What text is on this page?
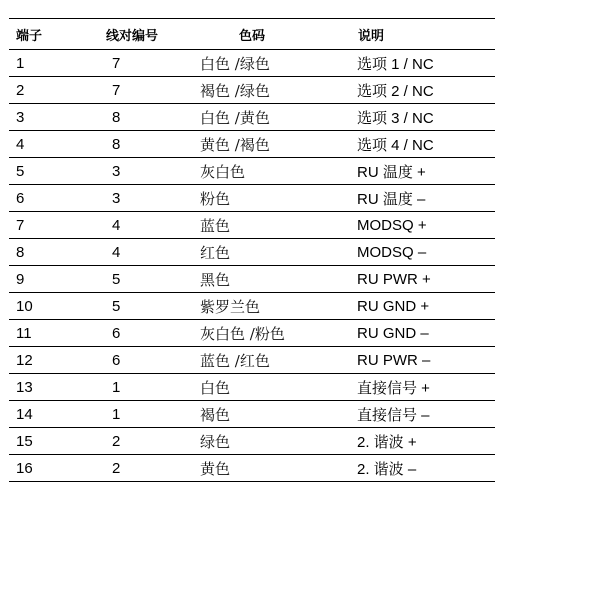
端子	线对编号	色码	说明
1	7	白色 /绿色	选项 1 / NC
2	7	褐色 /绿色	选项 2 / NC
3	8	白色 /黄色	选项 3 / NC
4	8	黄色 /褐色	选项 4 / NC
5	3	灰白色	RU 温度 +
6	3	粉色	RU 温度 –
7	4	蓝色	MODSQ +
8	4	红色	MODSQ –
9	5	黑色	RU PWR +
10	5	紫罗兰色	RU GND +
11	6	灰白色 /粉色	RU GND –
12	6	蓝色 /红色	RU PWR –
13	1	白色	直接信号 +
14	1	褐色	直接信号 –
15	2	绿色	2. 谐波 +
16	2	黄色	2. 谐波 –
